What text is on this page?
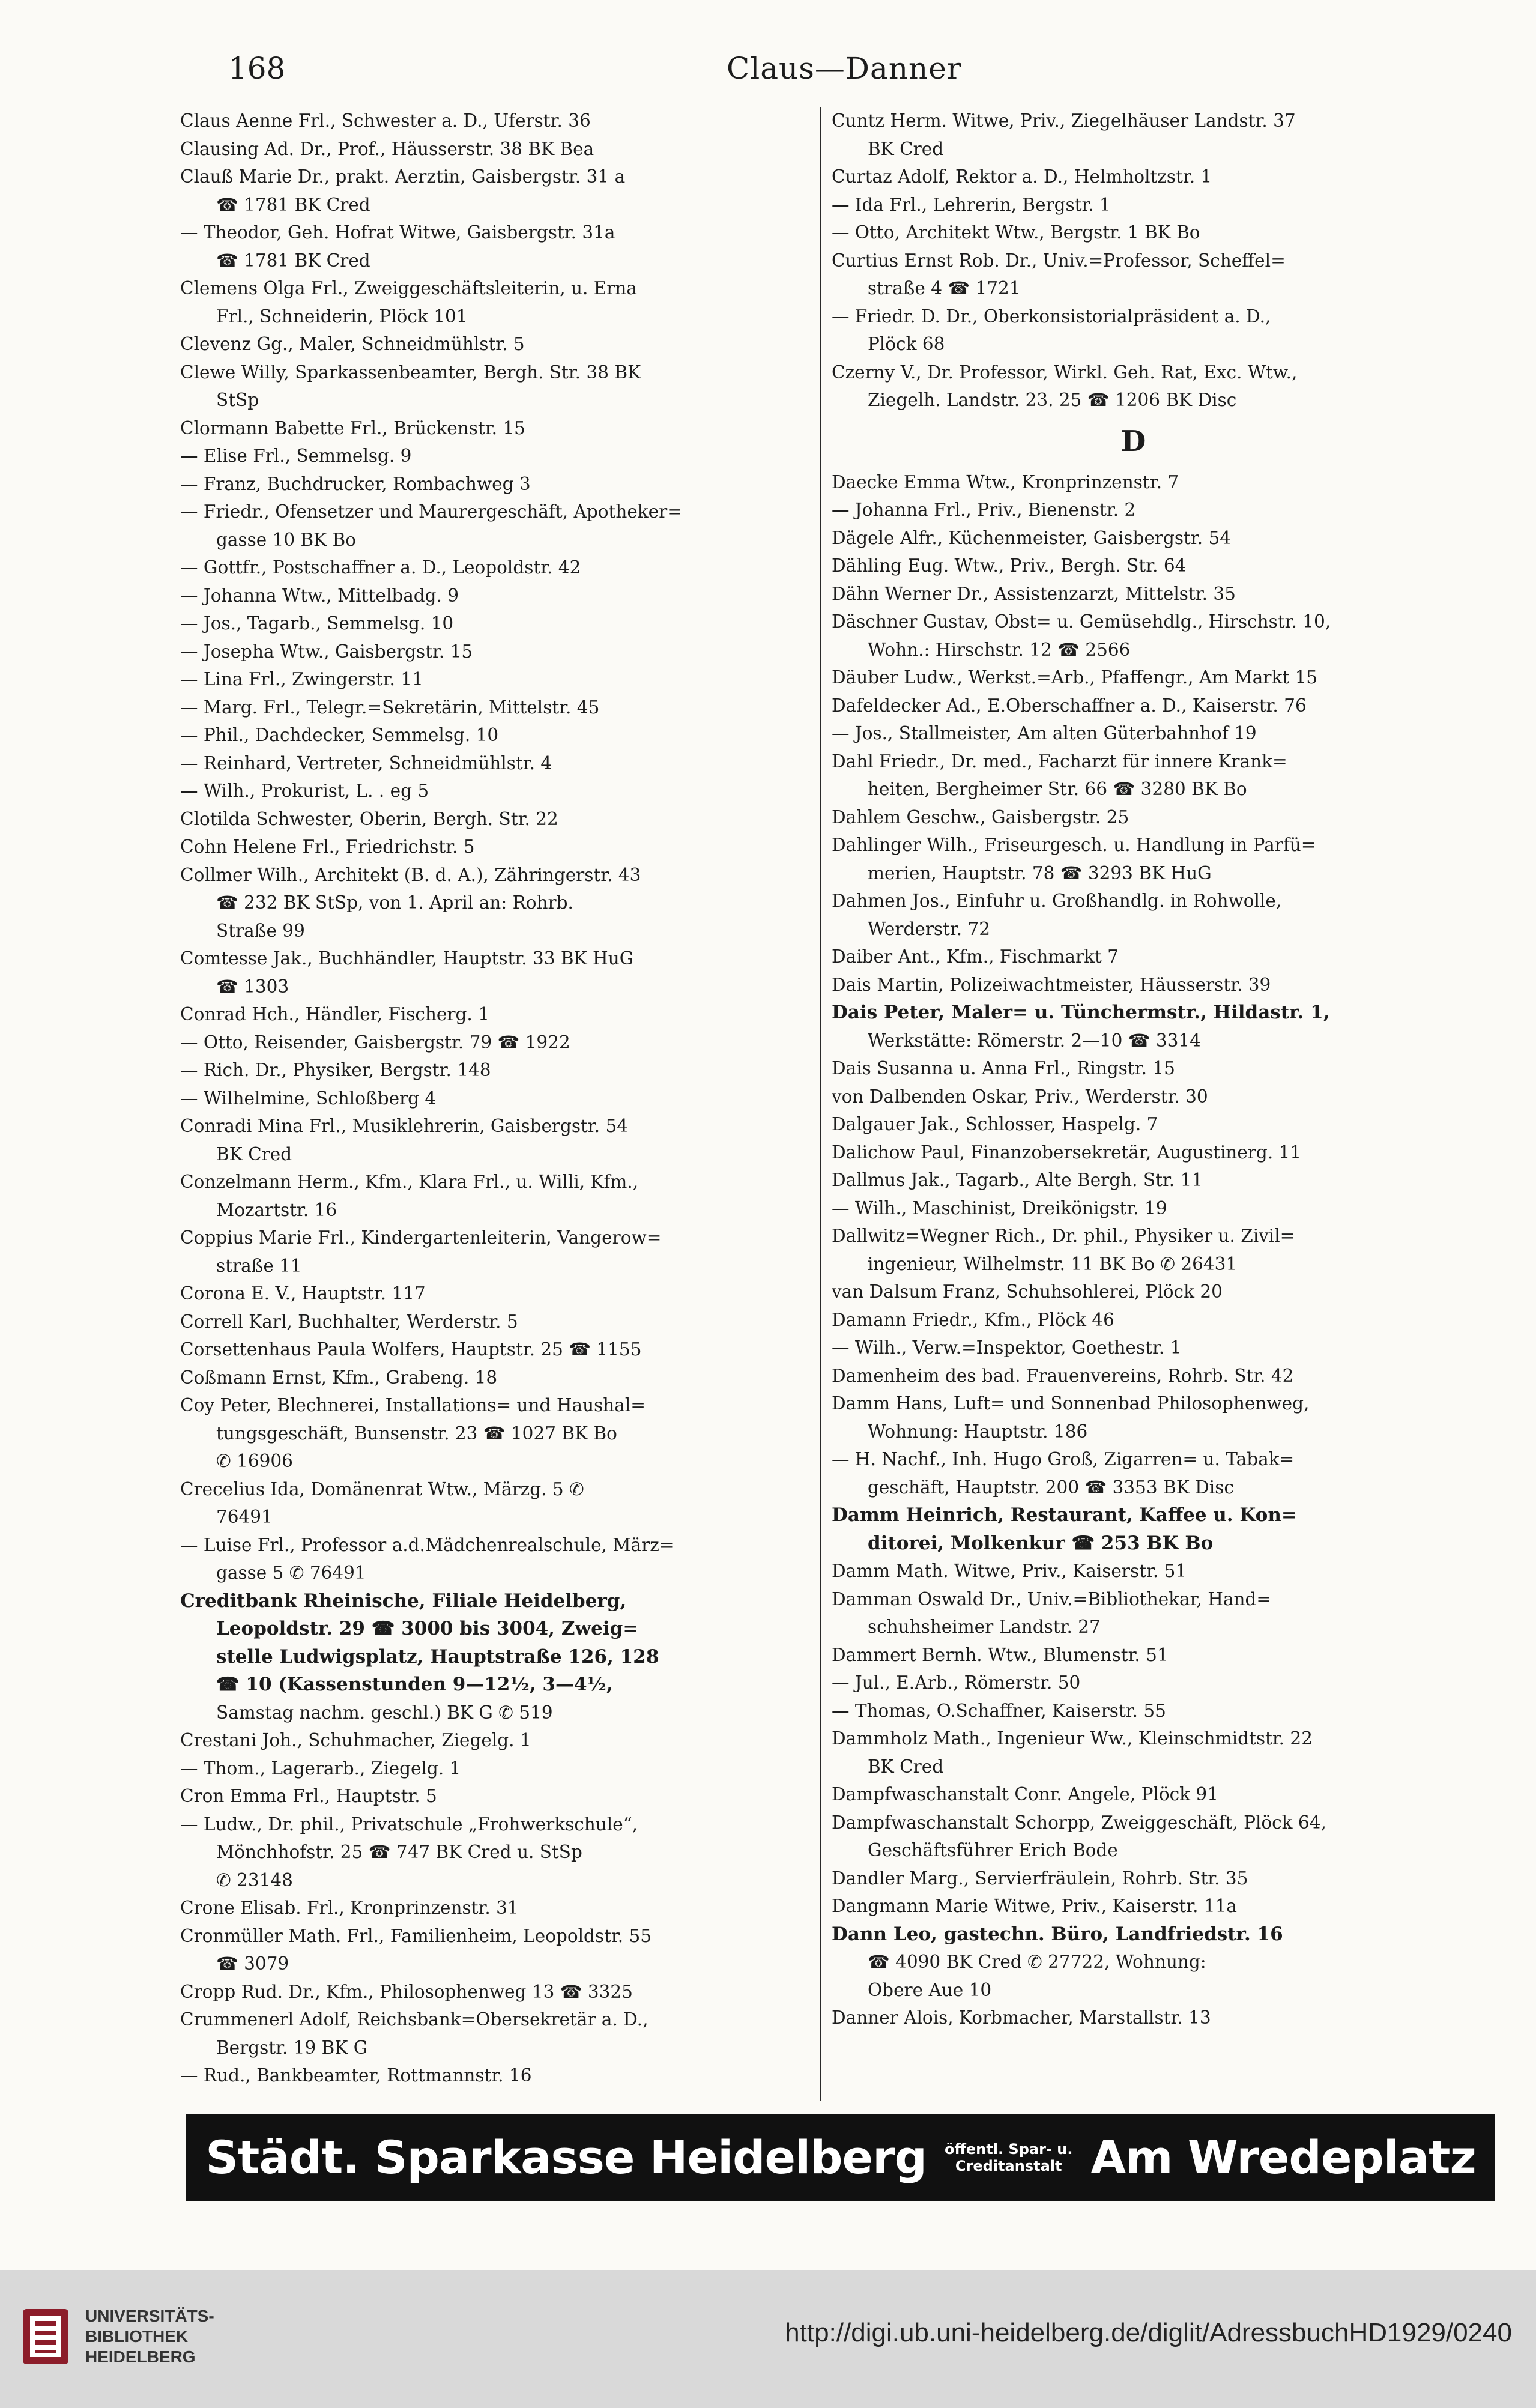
168	Claus—Danner
Claus Aenne Frl., Schwester a. D., Uferstr. 36
Clausing Ad. Dr., Prof., Häusserstr. 38 BK Bea
Clauß Marie Dr., prakt. Aerztin, Gaisbergstr. 31 a
☎ 1781 BK Cred
— Theodor, Geh. Hofrat Witwe, Gaisbergstr. 31a
☎ 1781 BK Cred
Clemens Olga Frl., Zweiggeschäftsleiterin, u. Erna
Frl., Schneiderin, Plöck 101
Clevenz Gg., Maler, Schneidmühlstr. 5
Clewe Willy, Sparkassenbeamter, Bergh. Str. 38 BK
StSp
Clormann Babette Frl., Brückenstr. 15
— Elise Frl., Semmelsg. 9
— Franz, Buchdrucker, Rombachweg 3
— Friedr., Ofensetzer und Maurergeschäft, Apotheker=
gasse 10 BK Bo
— Gottfr., Postschaffner a. D., Leopoldstr. 42
— Johanna Wtw., Mittelbadg. 9
— Jos., Tagarb., Semmelsg. 10
— Josepha Wtw., Gaisbergstr. 15
— Lina Frl., Zwingerstr. 11
— Marg. Frl., Telegr.=Sekretärin, Mittelstr. 45
— Phil., Dachdecker, Semmelsg. 10
— Reinhard, Vertreter, Schneidmühlstr. 4
— Wilh., Prokurist, L. . eg 5
Clotilda Schwester, Oberin, Bergh. Str. 22
Cohn Helene Frl., Friedrichstr. 5
Collmer Wilh., Architekt (B. d. A.), Zähringerstr. 43
☎ 232 BK StSp, von 1. April an: Rohrb.
Straße 99
Comtesse Jak., Buchhändler, Hauptstr. 33 BK HuG
☎ 1303
Conrad Hch., Händler, Fischerg. 1
— Otto, Reisender, Gaisbergstr. 79 ☎ 1922
— Rich. Dr., Physiker, Bergstr. 148
— Wilhelmine, Schloßberg 4
Conradi Mina Frl., Musiklehrerin, Gaisbergstr. 54
BK Cred
Conzelmann Herm., Kfm., Klara Frl., u. Willi, Kfm.,
Mozartstr. 16
Coppius Marie Frl., Kindergartenleiterin, Vangerow=
straße 11
Corona E. V., Hauptstr. 117
Correll Karl, Buchhalter, Werderstr. 5
Corsettenhaus Paula Wolfers, Hauptstr. 25 ☎ 1155
Coßmann Ernst, Kfm., Grabeng. 18
Coy Peter, Blechnerei, Installations= und Haushal=
tungsgeschäft, Bunsenstr. 23 ☎ 1027 BK Bo
✆ 16906
Crecelius Ida, Domänenrat Wtw., Märzg. 5 ✆
76491
— Luise Frl., Professor a.d.Mädchenrealschule, März=
gasse 5 ✆ 76491
Creditbank Rheinische, Filiale Heidelberg,
Leopoldstr. 29 ☎ 3000 bis 3004, Zweig=
stelle Ludwigsplatz, Hauptstraße 126, 128
☎ 10 (Kassenstunden 9—12½, 3—4½,
Samstag nachm. geschl.) BK G ✆ 519
Crestani Joh., Schuhmacher, Ziegelg. 1
— Thom., Lagerarb., Ziegelg. 1
Cron Emma Frl., Hauptstr. 5
— Ludw., Dr. phil., Privatschule „Frohwerkschule“,
Mönchhofstr. 25 ☎ 747 BK Cred u. StSp
✆ 23148
Crone Elisab. Frl., Kronprinzenstr. 31
Cronmüller Math. Frl., Familienheim, Leopoldstr. 55
☎ 3079
Cropp Rud. Dr., Kfm., Philosophenweg 13 ☎ 3325
Crummenerl Adolf, Reichsbank=Obersekretär a. D.,
Bergstr. 19 BK G
— Rud., Bankbeamter, Rottmannstr. 16
Cuntz Herm. Witwe, Priv., Ziegelhäuser Landstr. 37
BK Cred
Curtaz Adolf, Rektor a. D., Helmholtzstr. 1
— Ida Frl., Lehrerin, Bergstr. 1
— Otto, Architekt Wtw., Bergstr. 1 BK Bo
Curtius Ernst Rob. Dr., Univ.=Professor, Scheffel=
straße 4 ☎ 1721
— Friedr. D. Dr., Oberkonsistorialpräsident a. D.,
Plöck 68
Czerny V., Dr. Professor, Wirkl. Geh. Rat, Exc. Wtw.,
Ziegelh. Landstr. 23. 25 ☎ 1206 BK Disc
D
Daecke Emma Wtw., Kronprinzenstr. 7
— Johanna Frl., Priv., Bienenstr. 2
Dägele Alfr., Küchenmeister, Gaisbergstr. 54
Dähling Eug. Wtw., Priv., Bergh. Str. 64
Dähn Werner Dr., Assistenzarzt, Mittelstr. 35
Däschner Gustav, Obst= u. Gemüsehdlg., Hirschstr. 10,
Wohn.: Hirschstr. 12 ☎ 2566
Däuber Ludw., Werkst.=Arb., Pfaffengr., Am Markt 15
Dafeldecker Ad., E.Oberschaffner a. D., Kaiserstr. 76
— Jos., Stallmeister, Am alten Güterbahnhof 19
Dahl Friedr., Dr. med., Facharzt für innere Krank=
heiten, Bergheimer Str. 66 ☎ 3280 BK Bo
Dahlem Geschw., Gaisbergstr. 25
Dahlinger Wilh., Friseurgesch. u. Handlung in Parfü=
merien, Hauptstr. 78 ☎ 3293 BK HuG
Dahmen Jos., Einfuhr u. Großhandlg. in Rohwolle,
Werderstr. 72
Daiber Ant., Kfm., Fischmarkt 7
Dais Martin, Polizeiwachtmeister, Häusserstr. 39
Dais Peter, Maler= u. Tünchermstr., Hildastr. 1,
Werkstätte: Römerstr. 2—10 ☎ 3314
Dais Susanna u. Anna Frl., Ringstr. 15
von Dalbenden Oskar, Priv., Werderstr. 30
Dalgauer Jak., Schlosser, Haspelg. 7
Dalichow Paul, Finanzobersekretär, Augustinerg. 11
Dallmus Jak., Tagarb., Alte Bergh. Str. 11
— Wilh., Maschinist, Dreikönigstr. 19
Dallwitz=Wegner Rich., Dr. phil., Physiker u. Zivil=
ingenieur, Wilhelmstr. 11 BK Bo ✆ 26431
van Dalsum Franz, Schuhsohlerei, Plöck 20
Damann Friedr., Kfm., Plöck 46
— Wilh., Verw.=Inspektor, Goethestr. 1
Damenheim des bad. Frauenvereins, Rohrb. Str. 42
Damm Hans, Luft= und Sonnenbad Philosophenweg,
Wohnung: Hauptstr. 186
— H. Nachf., Inh. Hugo Groß, Zigarren= u. Tabak=
geschäft, Hauptstr. 200 ☎ 3353 BK Disc
Damm Heinrich, Restaurant, Kaffee u. Kon=
ditorei, Molkenkur ☎ 253 BK Bo
Damm Math. Witwe, Priv., Kaiserstr. 51
Damman Oswald Dr., Univ.=Bibliothekar, Hand=
schuhsheimer Landstr. 27
Dammert Bernh. Wtw., Blumenstr. 51
— Jul., E.Arb., Römerstr. 50
— Thomas, O.Schaffner, Kaiserstr. 55
Dammholz Math., Ingenieur Ww., Kleinschmidtstr. 22
BK Cred
Dampfwaschanstalt Conr. Angele, Plöck 91
Dampfwaschanstalt Schorpp, Zweiggeschäft, Plöck 64,
Geschäftsführer Erich Bode
Dandler Marg., Servierfräulein, Rohrb. Str. 35
Dangmann Marie Witwe, Priv., Kaiserstr. 11a
Dann Leo, gastechn. Büro, Landfriedstr. 16
☎ 4090 BK Cred ✆ 27722, Wohnung:
Obere Aue 10
Danner Alois, Korbmacher, Marstallstr. 13
Städt. Sparkasse Heidelberg öffentl. Spar- u.
Creditanstalt Am Wredeplatz
UNIVERSITÄTS-
BIBLIOTHEK
HEIDELBERG
http://digi.ub.uni-heidelberg.de/diglit/AdressbuchHD1929/0240
